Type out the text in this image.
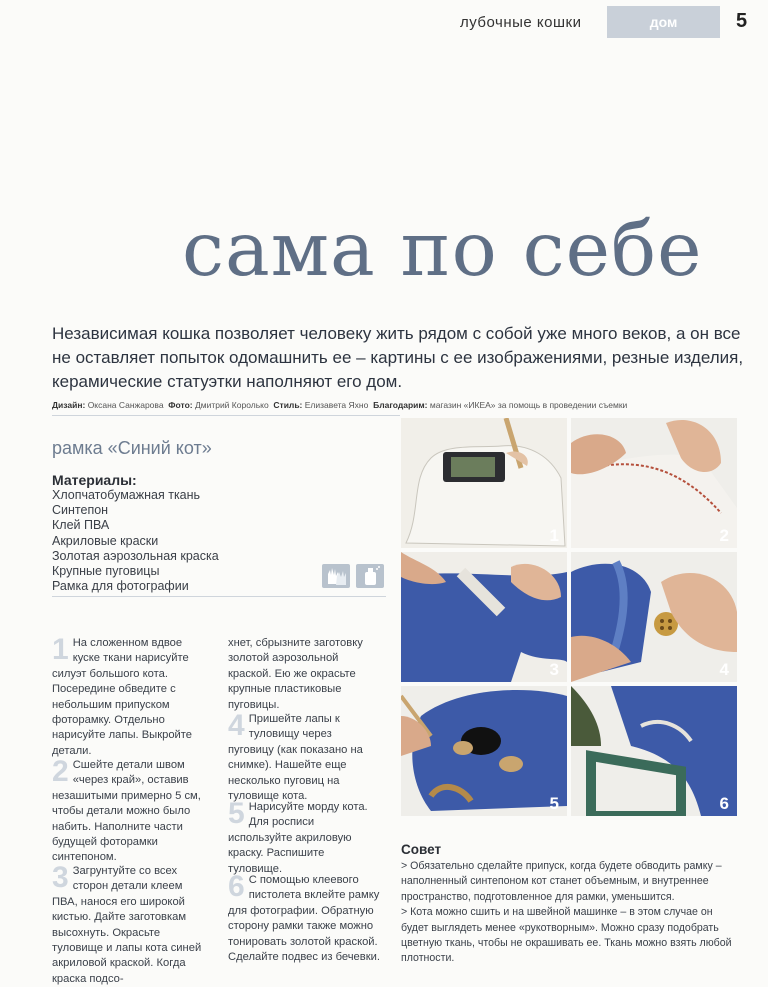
лубочные кошки	дом	5
сама по себе
Независимая кошка позволяет человеку жить рядом с собой уже много веков, а он все не оставляет попыток одомашнить ее – картины с ее изображениями, резные изделия, керамические статуэтки наполняют его дом.
Дизайн: Оксана Санжарова Фото: Дмитрий Королько Стиль: Елизавета Яхно Благодарим: магазин «ИКЕА» за помощь в проведении съемки
рамка «Синий кот»
Материалы:
Хлопчатобумажная ткань
Синтепон
Клей ПВА
Акриловые краски
Золотая аэрозольная краска
Крупные пуговицы
Рамка для фотографии
1 На сложенном вдвое куске ткани нарисуйте силуэт большого кота. Посередине обведите с небольшим припуском фоторамку. Отдельно нарисуйте лапы. Выкройте детали.
2 Сшейте детали швом «через край», оставив незашитыми примерно 5 см, чтобы детали можно было набить. Наполните части будущей фоторамки синтепоном.
3 Загрунтуйте со всех сторон детали клеем ПВА, нанося его широкой кистью. Дайте заготовкам высохнуть. Окрасьте туловище и лапы кота синей акриловой краской. Когда краска подсо-
хнет, сбрызните заготовку золотой аэрозольной краской. Ею же окрасьте крупные пластиковые пуговицы.
4 Пришейте лапы к туловищу через пуговицу (как показано на снимке). Нашейте еще несколько пуговиц на туловище кота.
5 Нарисуйте морду кота. Для росписи используйте акриловую краску. Распишите туловище.
6 С помощью клеевого пистолета вклейте рамку для фотографии. Обратную сторону рамки также можно тонировать золотой краской. Сделайте подвес из бечевки.
1	2
3	4
5	6
Совет
> Обязательно сделайте припуск, когда будете обводить рамку – наполненный синтепоном кот станет объемным, и внутреннее пространство, подготовленное для рамки, уменьшится.
> Кота можно сшить и на швейной машинке – в этом случае он будет выглядеть менее «рукотворным». Можно сразу подобрать цветную ткань, чтобы не окрашивать ее. Ткань можно взять любой плотности.
